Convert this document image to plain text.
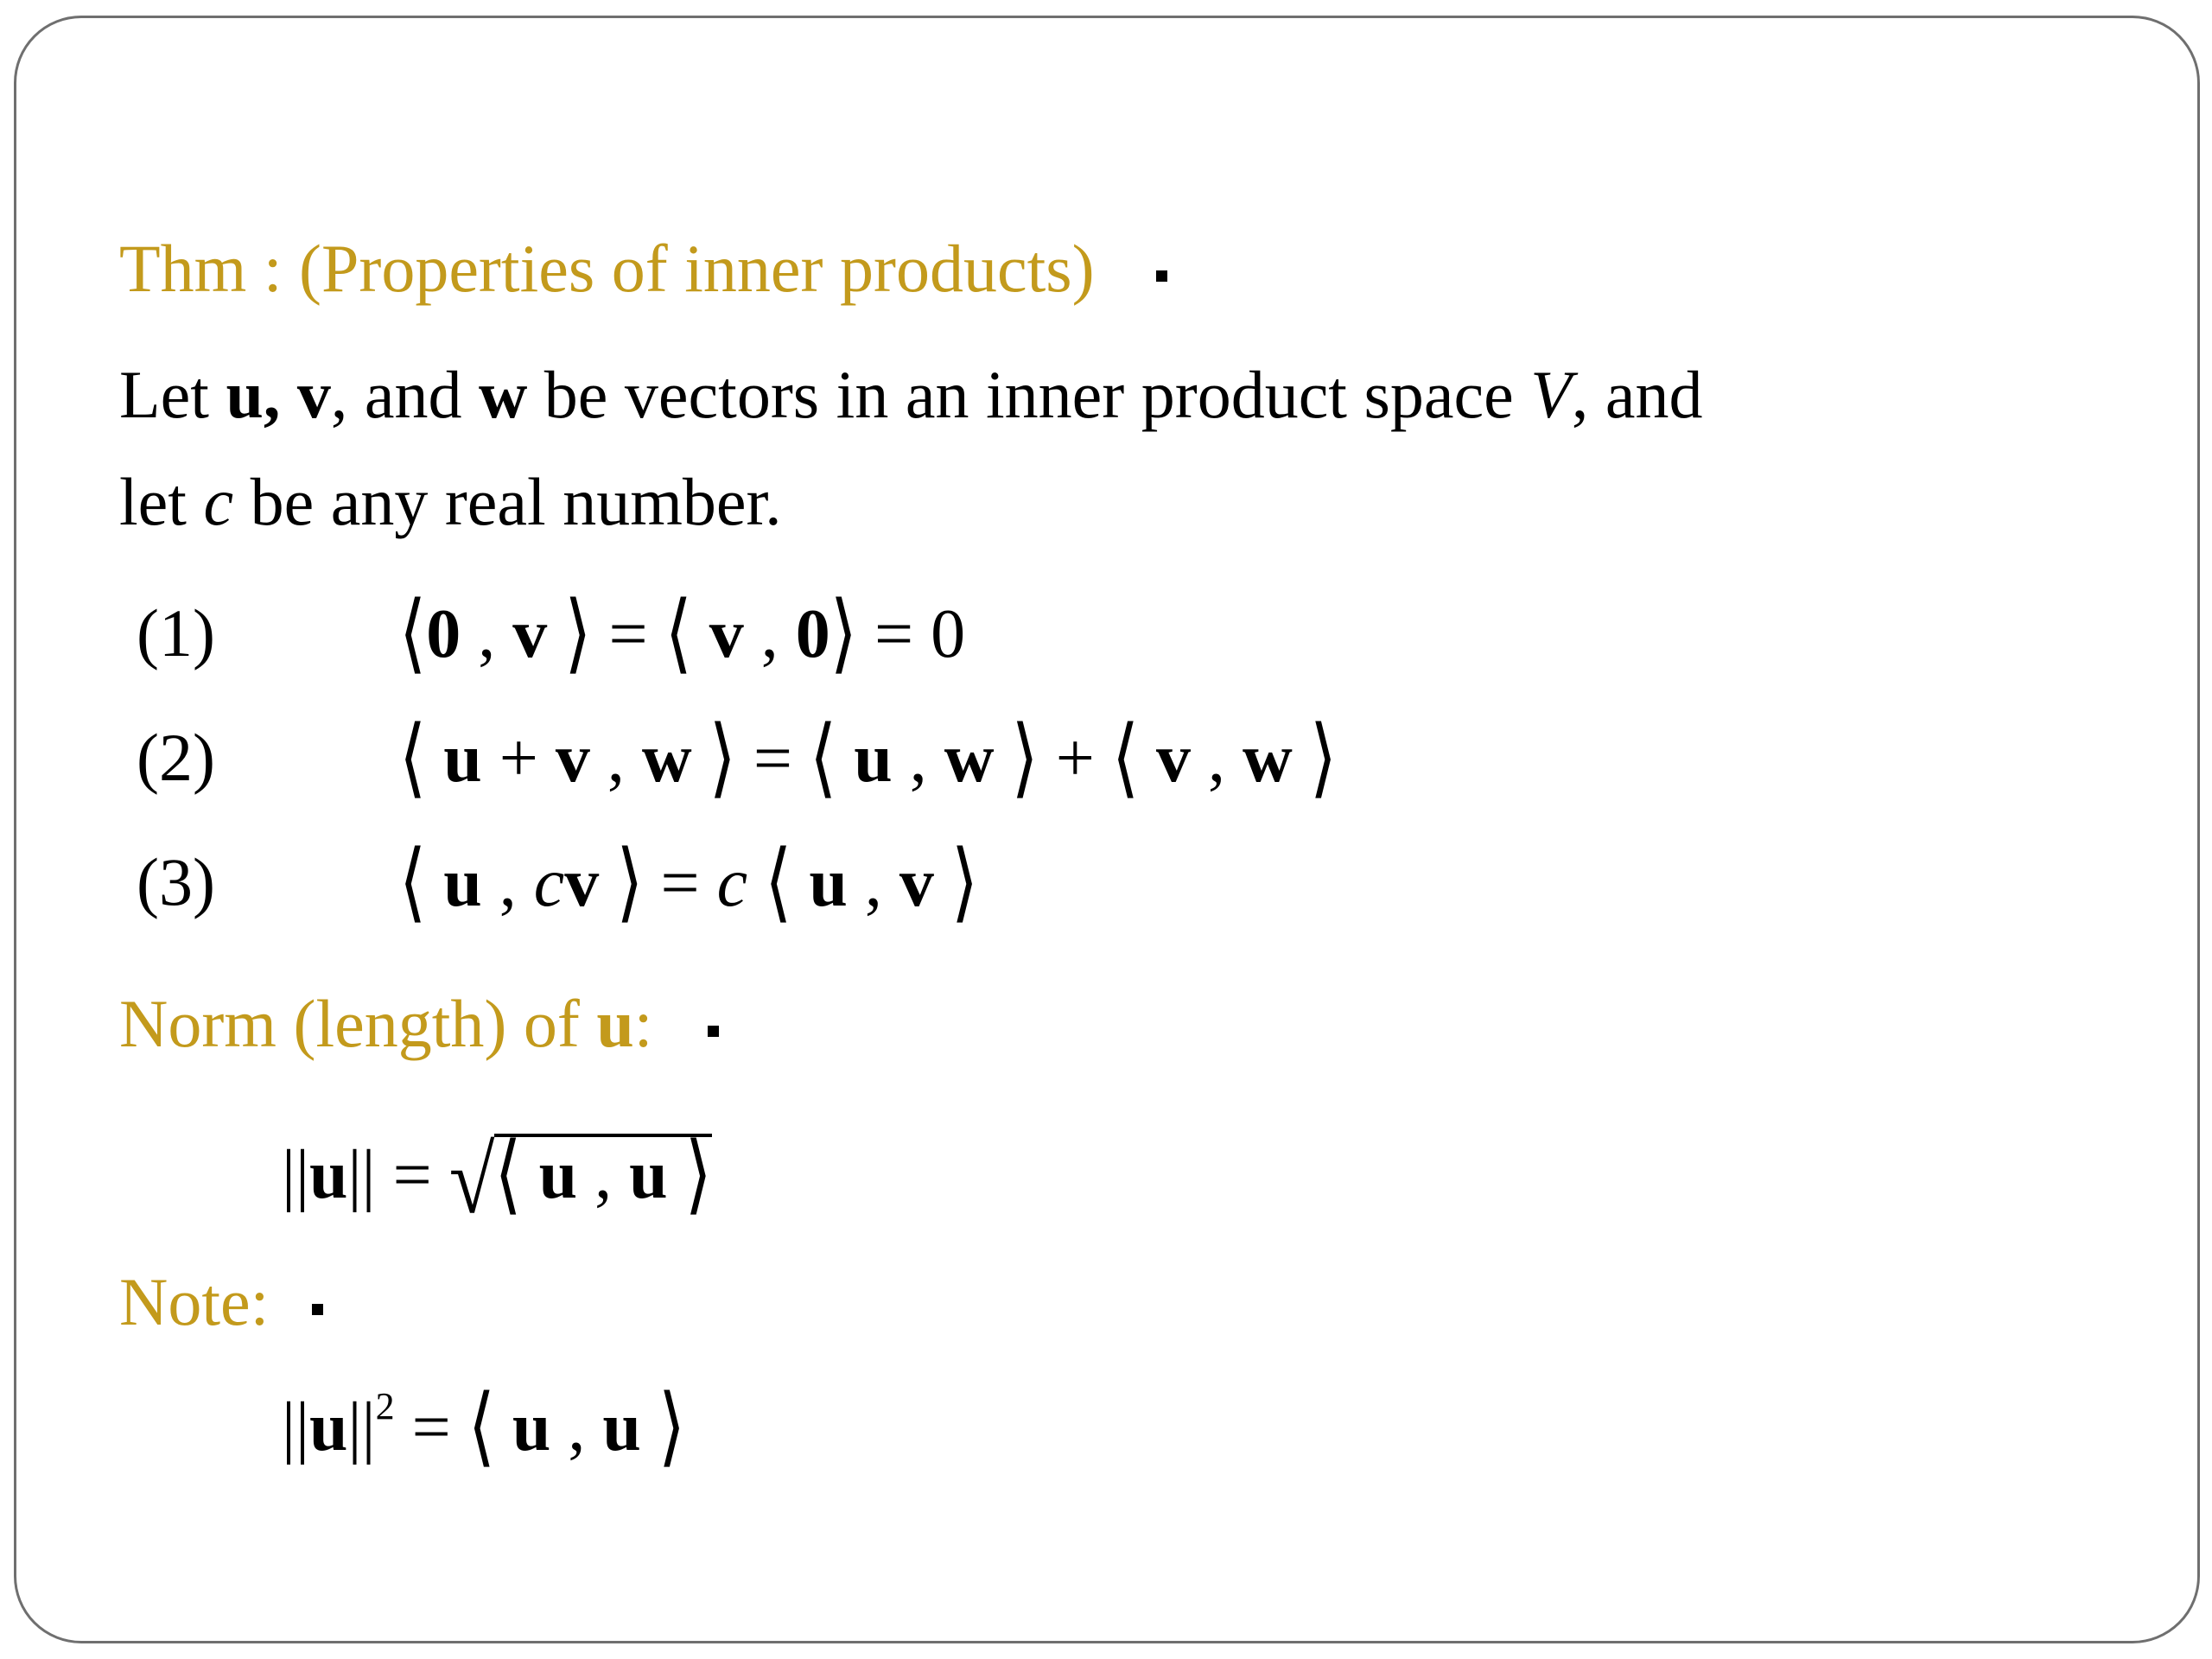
Thm : (Properties of inner products)
Let u, v, and w be vectors in an inner product space V, and
let c be any real number.
(1)	⟨0 , v ⟩ = ⟨ v , 0⟩ = 0
(2)	⟨ u + v , w ⟩ = ⟨ u , w ⟩ + ⟨ v , w ⟩
(3)	⟨ u , cv ⟩ = c ⟨ u , v ⟩
Norm (length) of u:
||u|| = √⟨ u , u ⟩
Note:
$||u||^2$ = ⟨ u , u ⟩
